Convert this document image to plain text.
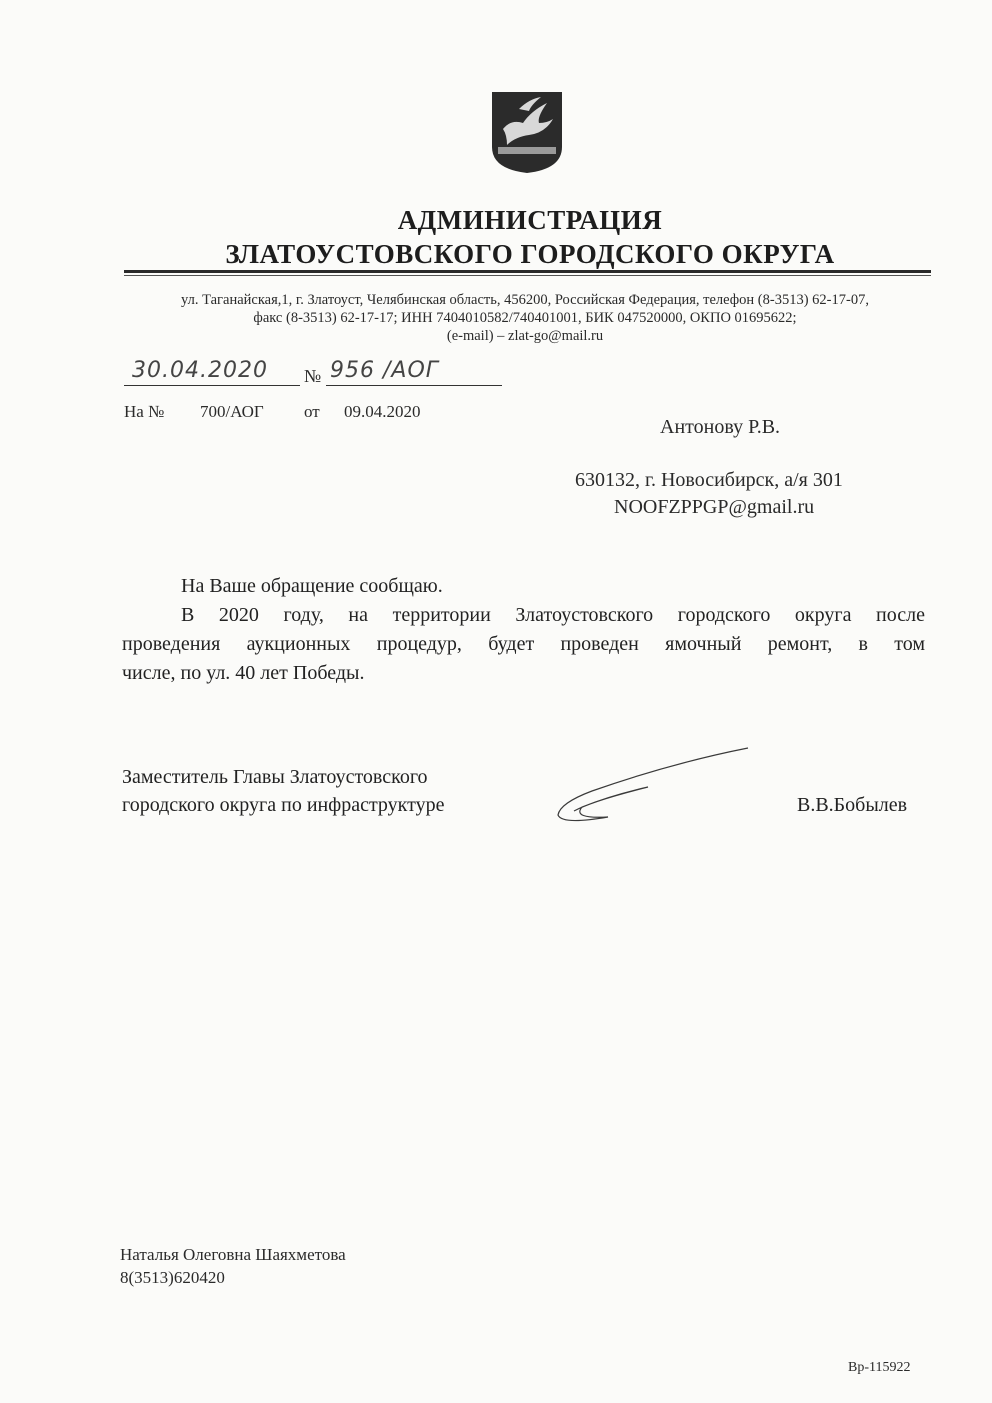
АДМИНИСТРАЦИЯ
ЗЛАТОУСТОВСКОГО ГОРОДСКОГО ОКРУГА
ул. Таганайская,1, г. Златоуст, Челябинская область, 456200, Российская Федерация, телефон (8-3513) 62-17-07,
факс (8-3513) 62-17-17; ИНН 7404010582/740401001, БИК 047520000, ОКПО 01695622;
(e-mail) – zlat-go@mail.ru
30.04.2020 № 956 /АОГ
На № 700/АОГ от 09.04.2020
Антонову Р.В.
630132, г. Новосибирск, а/я 301
NOOFZPPGP@gmail.ru
На Ваше обращение сообщаю.
В 2020 году, на территории Златоустовского городского округа после
проведения аукционных процедур, будет проведен ямочный ремонт, в том
числе, по ул. 40 лет Победы.
Заместитель Главы Златоустовского
городского округа по инфраструктуре	В.В.Бобылев
Наталья Олеговна Шаяхметова
8(3513)620420
Вр-115922
